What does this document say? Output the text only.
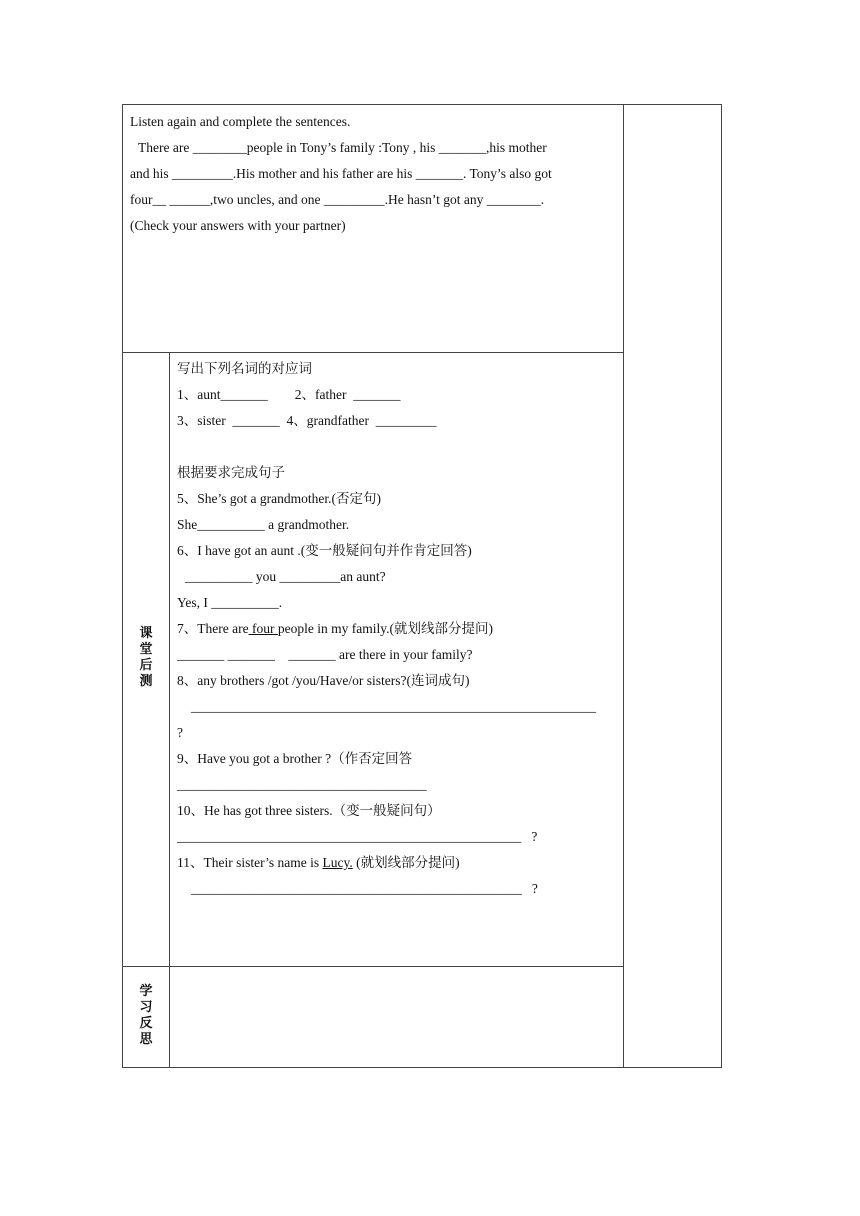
Listen again and complete the sentences.
There are ________people in Tony’s family :Tony , his _______,his mother
and his _________.His mother and his father are his _______. Tony’s also got
four__ ______,two uncles, and one _________.He hasn’t got any ________.
(Check your answers with your partner)
课
堂
后
测
写出下列名词的对应词
1、aunt_______        2、father  _______
3、sister  _______  4、grandfather  _________
根据要求完成句子
5、She’s got a grandmother.(否定句)
She__________ a grandmother.
6、I have got an aunt .(变一般疑问句并作肯定回答)
__________ you _________an aunt?
Yes, I __________.
7、There are four people in my family.(就划线部分提问)
_______ _______    _______ are there in your family?
8、any brothers /got /you/Have/or sisters?(连词成句)
____________________________________________________________
?
9、Have you got a brother ?（作否定回答
_____________________________________
10、He has got three sisters.（变一般疑问句）
___________________________________________________   ?
11、Their sister’s name is Lucy. (就划线部分提问)
_________________________________________________   ?
学
习
反
思
